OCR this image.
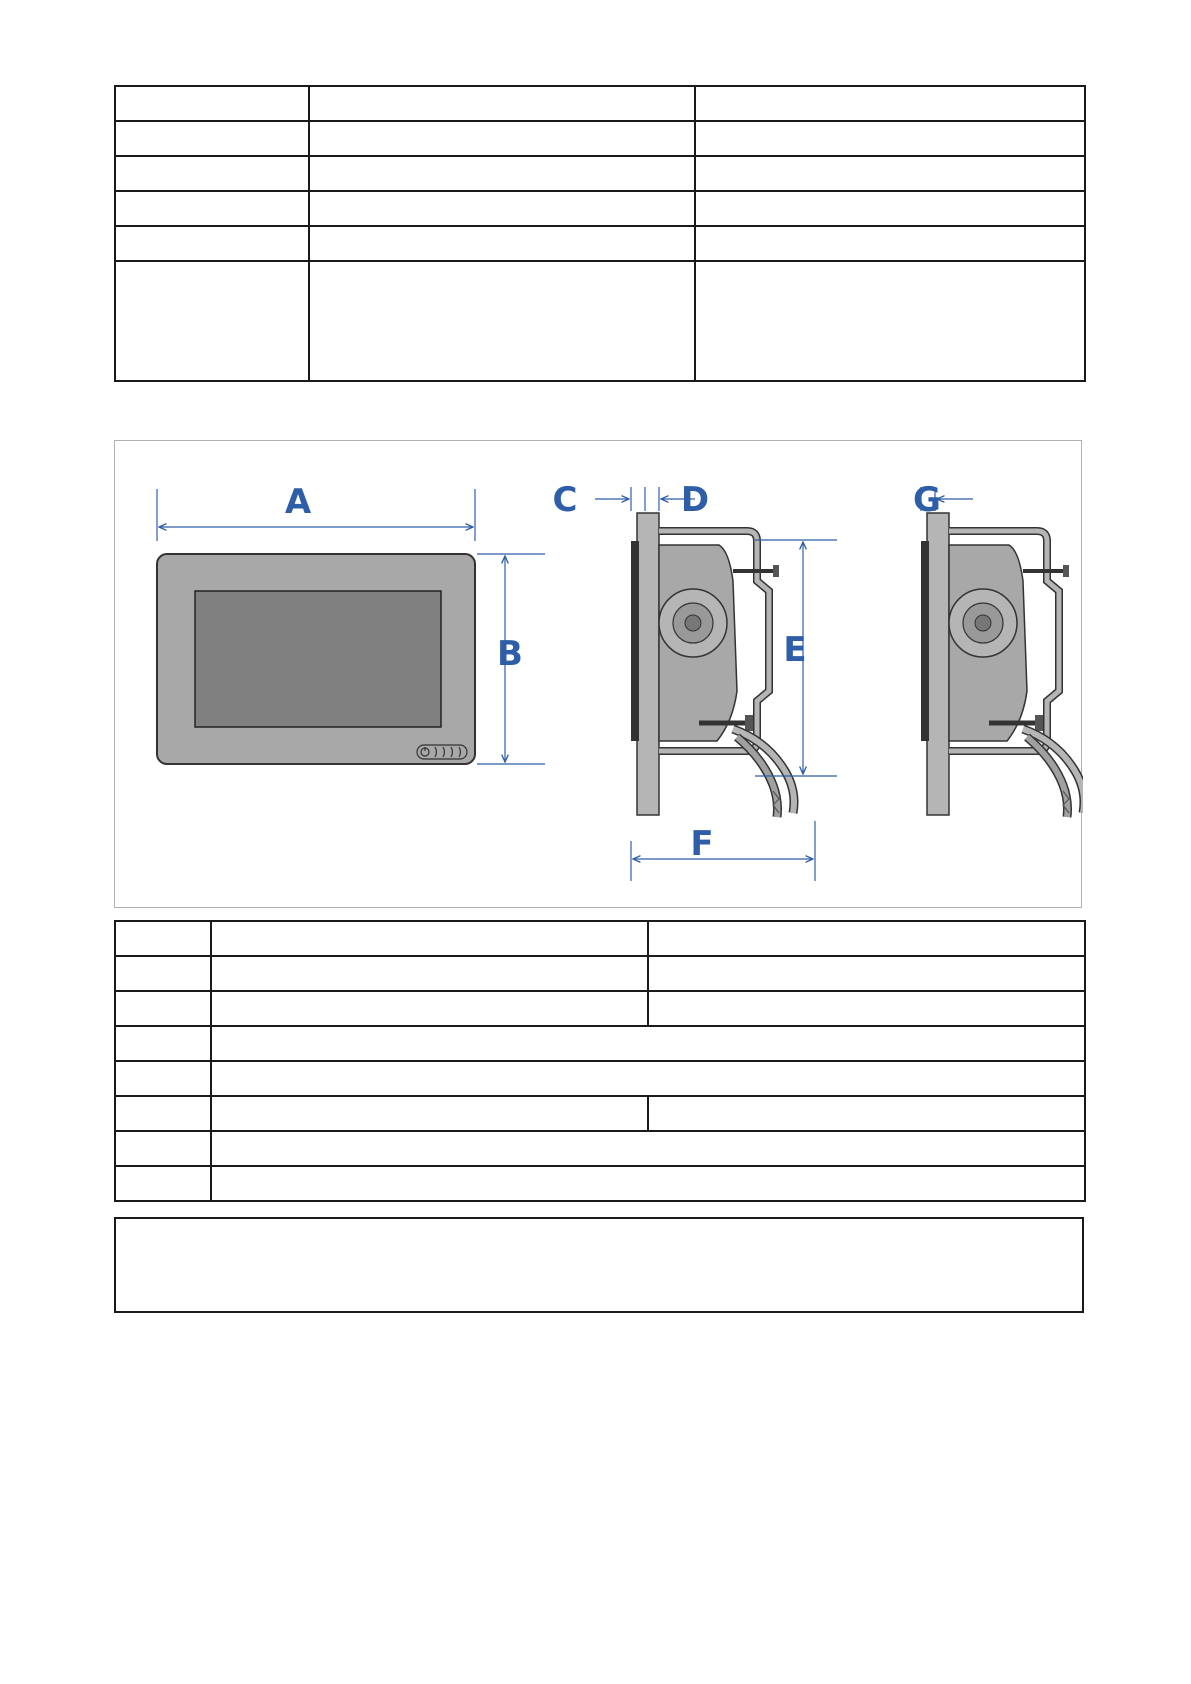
A
B
C	D
E
F
G
